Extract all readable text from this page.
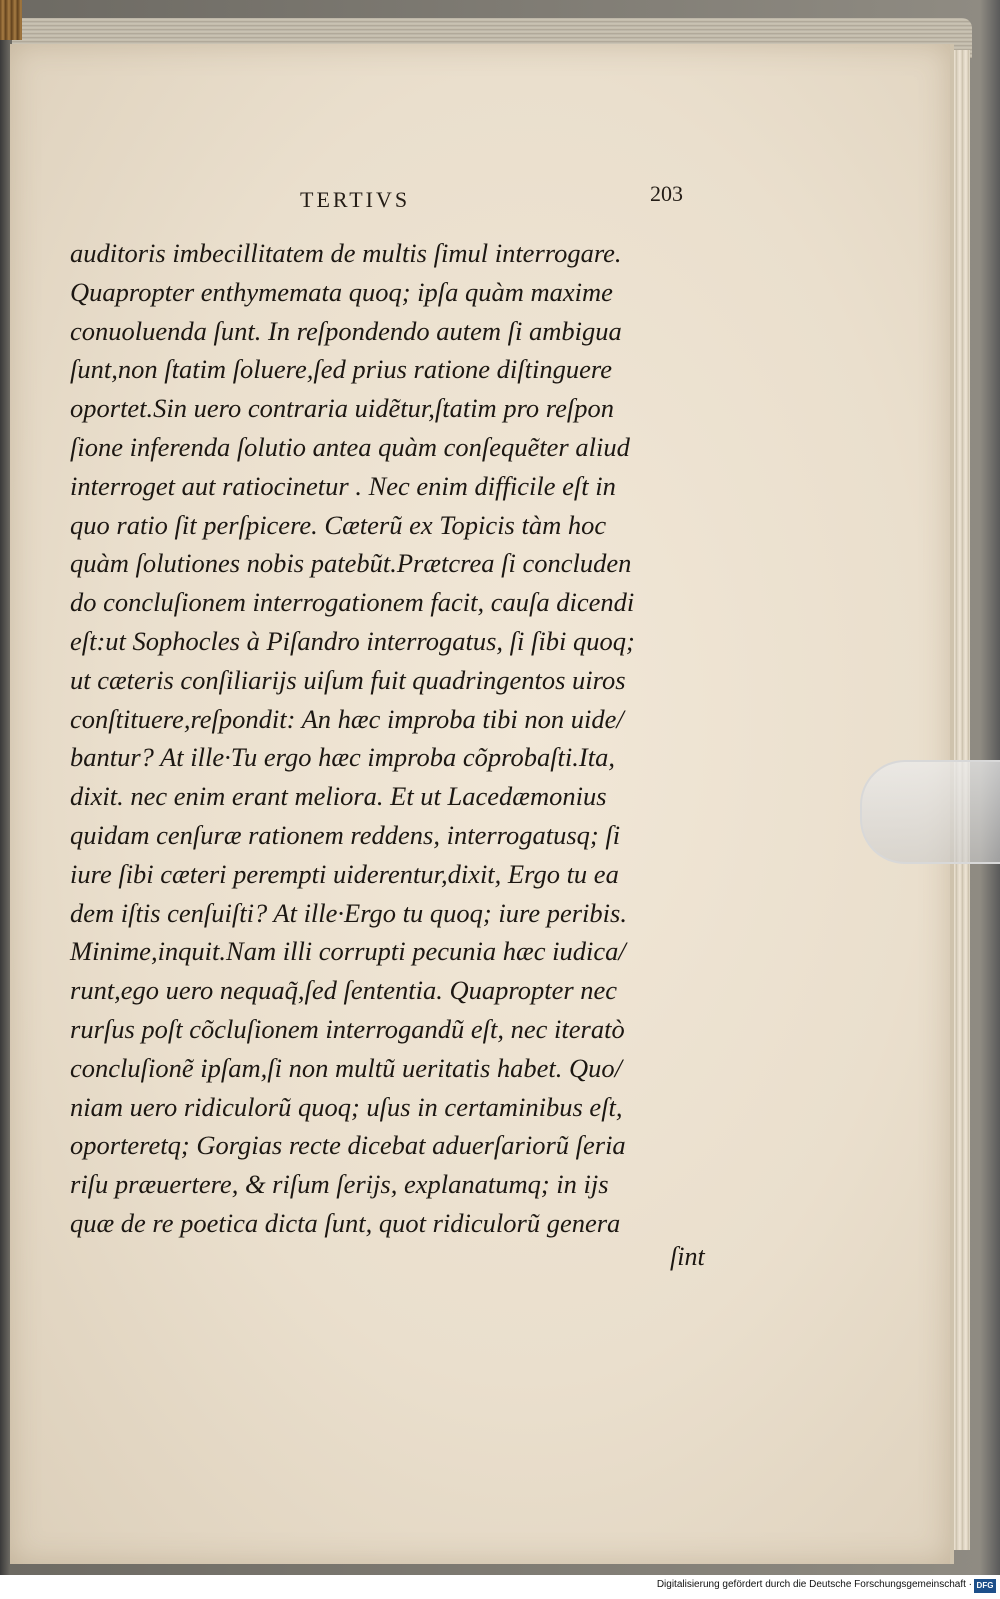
TERTIVS	203
auditoris imbecillitatem de multis ſimul interrogare.
Quapropter enthymemata quoq; ipſa quàm maxime
conuoluenda ſunt. In reſpondendo autem ſi ambigua
ſunt,non ſtatim ſoluere,ſed prius ratione diſtinguere
oportet.Sin uero contraria uidẽtur,ſtatim pro reſpon
ſione inferenda ſolutio antea quàm conſequẽter aliud
interroget aut ratiocinetur . Nec enim difficile eſt in
quo ratio ſit perſpicere. Cæterũ ex Topicis tàm hoc
quàm ſolutiones nobis patebũt.Prætcrea ſi concluden
do concluſionem interrogationem facit, cauſa dicendi
eſt:ut Sophocles à Piſandro interrogatus, ſi ſibi quoq;
ut cæteris conſiliarijs uiſum fuit quadringentos uiros
conſtituere,reſpondit: An hæc improba tibi non uide/
bantur? At ille·Tu ergo hæc improba cõprobaſti.Ita,
dixit. nec enim erant meliora. Et ut Lacedæmonius
quidam cenſuræ rationem reddens, interrogatusq; ſi
iure ſibi cæteri perempti uiderentur,dixit, Ergo tu ea
dem iſtis cenſuiſti? At ille·Ergo tu quoq; iure peribis.
Minime,inquit.Nam illi corrupti pecunia hæc iudica/
runt,ego uero nequaq̃,ſed ſententia. Quapropter nec
rurſus poſt cõcluſionem interrogandũ eſt, nec iteratò
concluſionẽ ipſam,ſi non multũ ueritatis habet. Quo/
niam uero ridiculorũ quoq; uſus in certaminibus eſt,
oporteretq; Gorgias recte dicebat aduerſariorũ ſeria
riſu præuertere, & riſum ſerijs, explanatumq; in ijs
quæ de re poetica dicta ſunt, quot ridiculorũ genera
ſint
Digitalisierung gefördert durch die Deutsche Forschungsgemeinschaft · DFG
